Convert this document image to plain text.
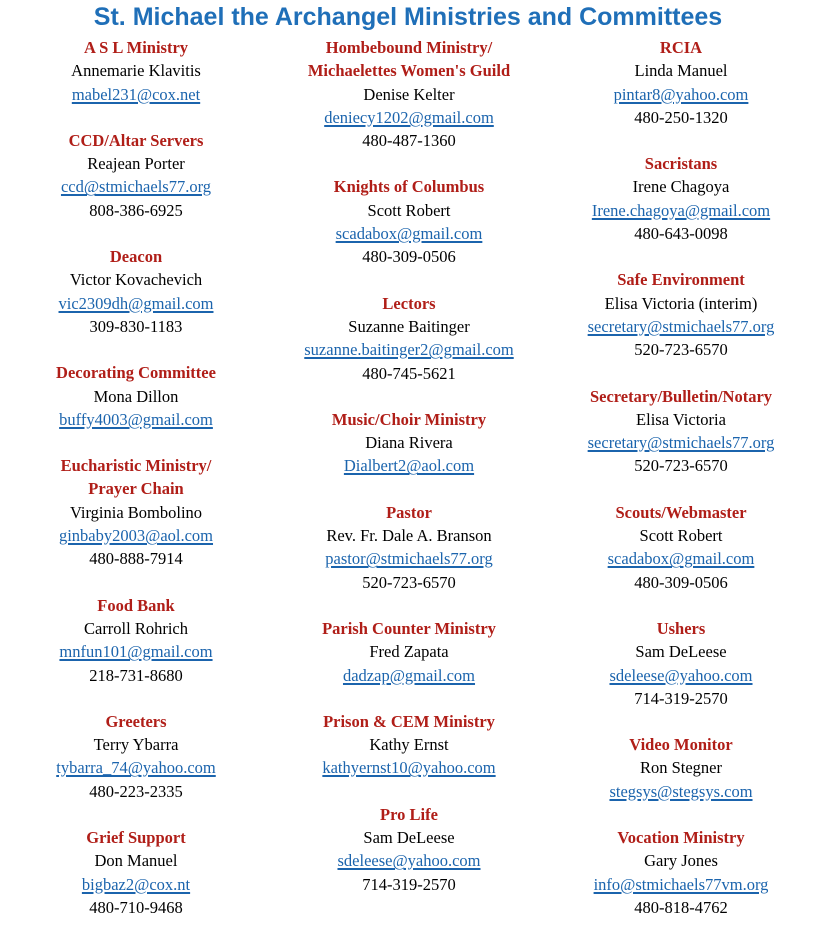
St. Michael the Archangel Ministries and Committees
A S L Ministry
Annemarie Klavitis
mabel231@cox.net
CCD/Altar Servers
Reajean Porter
ccd@stmichaels77.org
808-386-6925
Deacon
Victor Kovachevich
vic2309dh@gmail.com
309-830-1183
Decorating Committee
Mona Dillon
buffy4003@gmail.com
Eucharistic Ministry/
Prayer Chain
Virginia Bombolino
ginbaby2003@aol.com
480-888-7914
Food Bank
Carroll Rohrich
mnfun101@gmail.com
218-731-8680
Greeters
Terry Ybarra
tybarra_74@yahoo.com
480-223-2335
Grief Support
Don Manuel
bigbaz2@cox.nt
480-710-9468
Hombebound Ministry/
Michaelettes Women's Guild
Denise Kelter
deniecy1202@gmail.com
480-487-1360
Knights of Columbus
Scott Robert
scadabox@gmail.com
480-309-0506
Lectors
Suzanne Baitinger
suzanne.baitinger2@gmail.com
480-745-5621
Music/Choir Ministry
Diana Rivera
Dialbert2@aol.com
Pastor
Rev. Fr. Dale A. Branson
pastor@stmichaels77.org
520-723-6570
Parish Counter Ministry
Fred Zapata
dadzap@gmail.com
Prison & CEM Ministry
Kathy Ernst
kathyernst10@yahoo.com
Pro Life
Sam DeLeese
sdeleese@yahoo.com
714-319-2570
RCIA
Linda Manuel
pintar8@yahoo.com
480-250-1320
Sacristans
Irene Chagoya
Irene.chagoya@gmail.com
480-643-0098
Safe Environment
Elisa Victoria (interim)
secretary@stmichaels77.org
520-723-6570
Secretary/Bulletin/Notary
Elisa Victoria
secretary@stmichaels77.org
520-723-6570
Scouts/Webmaster
Scott Robert
scadabox@gmail.com
480-309-0506
Ushers
Sam DeLeese
sdeleese@yahoo.com
714-319-2570
Video Monitor
Ron Stegner
stegsys@stegsys.com
Vocation Ministry
Gary Jones
info@stmichaels77vm.org
480-818-4762
